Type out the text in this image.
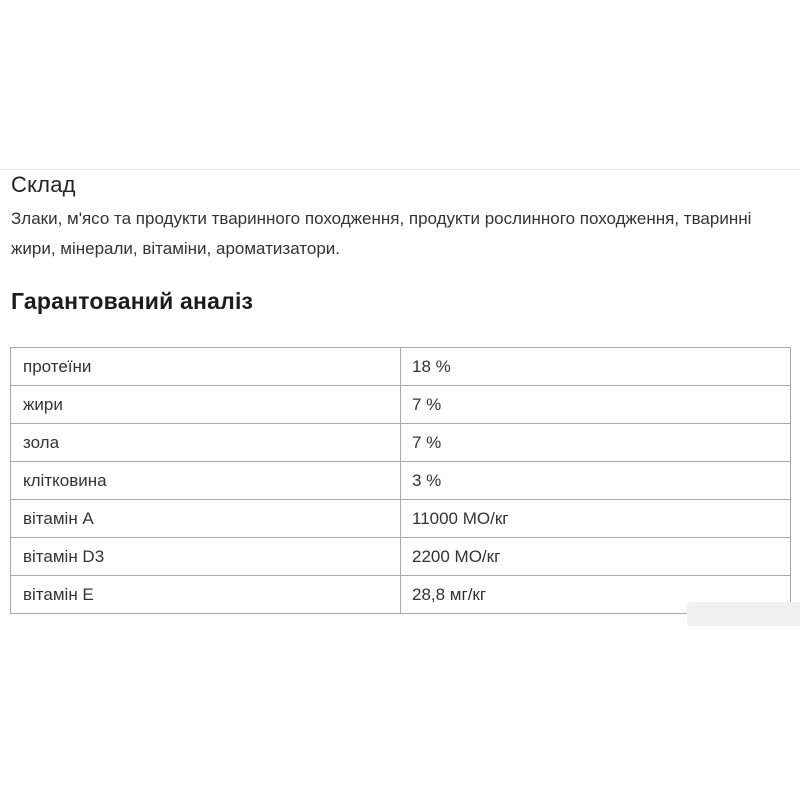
Склад

Злаки, м'ясо та продукти тваринного походження, продукти рослинного походження, тваринні жири, мінерали, вітаміни, ароматизатори.

Гарантований аналіз
протеїни	18 %
жири	7 %
зола	7 %
клітковина	3 %
вітамін A	11000 МО/кг
вітамін D3	2200 МО/кг
вітамін E	28,8 мг/кг
